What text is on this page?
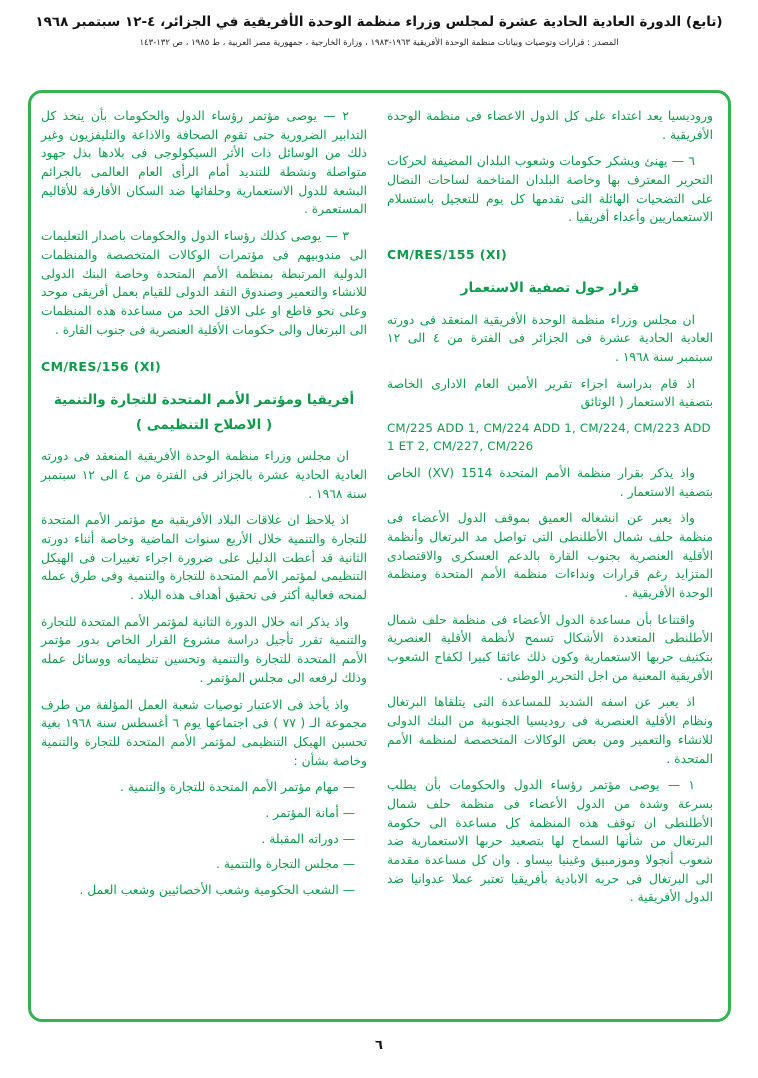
(تابع) الدورة العادية الحادية عشرة لمجلس وزراء منظمة الوحدة الأفريقية في الجزائر، ٤-١٢ سبتمبر ١٩٦٨
المصدر : قرارات وتوصيات وبيانات منظمة الوحدة الأفريقية ١٩٦٣-١٩٨٣ ، وزارة الخارجية ، جمهورية مصر العربية ، ط ١٩٨٥ ، ص ١٣٢-١٤٣
وروديسيا يعد اعتداء على كل الدول الاعضاء فى منظمة الوحدة الأفريقية .
٦ — يهنئ ويشكر حكومات وشعوب البلدان المضيفة لحركات التحرير المعترف بها وخاصة البلدان المتاخمة لساحات النضال على التضحيات الهائلة التى تقدمها كل يوم للتعجيل باستسلام الاستعماريين وأعداء أفريقيا .
CM/RES/155 (XI)
قرار حول تصفية الاستعمار
ان مجلس وزراء منظمة الوحدة الأفريقية المنعقد فى دورته العادية الحادية عشرة فى الجزائر فى الفترة من ٤ الى ١٢ سبتمبر سنة ١٩٦٨ .
اذ قام بدراسة اجزاء تقرير الأمين العام الادارى الخاصة بتصفية الاستعمار ( الوثائق
CM/225 ADD 1, CM/224 ADD 1, CM/224, CM/223 ADD 1 ET 2, CM/227, CM/226
واذ يذكر بقرار منظمة الأمم المتحدة 1514 (XV) الخاص بتصفية الاستعمار .
واذ يعبر عن انشغاله العميق بموقف الدول الأعضاء فى منظمة حلف شمال الأطلنطى التى تواصل مد البرتغال وأنظمة الأقلية العنصرية بجنوب القارة بالدعم العسكرى والاقتصادى المتزايد رغم قرارات ونداءات منظمة الأمم المتحدة ومنظمة الوحدة الأفريقية .
واقتناعا بأن مساعدة الدول الأعضاء فى منظمة حلف شمال الأطلنطى المتعددة الأشكال تسمح لأنظمة الأقلية العنصرية بتكثيف حربها الاستعمارية وكون ذلك عائقا كبيرا لكفاح الشعوب الأفريقية المعنية من اجل التحرير الوطنى .
اذ يعبر عن اسفه الشديد للمساعدة التى يتلقاها البرتغال ونظام الأقلية العنصرية فى روديسيا الجنوبية من البنك الدولى للانشاء والتعمير ومن بعض الوكالات المتخصصة لمنظمة الأمم المتحدة .
١ — يوصى مؤتمر رؤساء الدول والحكومات بأن يطلب بسرعة وشدة من الدول الأعضاء فى منظمة حلف شمال الأطلنطى ان توقف هذه المنظمة كل مساعدة الى حكومة البرتغال من شأنها السماح لها بتصعيد حربها الاستعمارية ضد شعوب أنجولا وموزمبيق وغينيا بيساو . وان كل مساعدة مقدمة الى البرتغال فى حربه الابادية بأفريقيا تعتبر عملا عدوانيا ضد الدول الأفريقية .
٢ — يوصى مؤتمر رؤساء الدول والحكومات بأن يتخذ كل التدابير الضرورية حتى تقوم الصحافة والاذاعة والتليفزيون وغير ذلك من الوسائل ذات الأثر السيكولوجى فى بلادها بذل جهود متواصلة ونشطة للتنديد أمام الرأى العام العالمى بالجرائم البشعة للدول الاستعمارية وحلفائها ضد السكان الأفارقة للأقاليم المستعمرة .
٣ — يوصى كذلك رؤساء الدول والحكومات باصدار التعليمات الى مندوبيهم فى مؤتمرات الوكالات المتخصصة والمنظمات الدولية المرتبطة بمنظمة الأمم المتحدة وخاصة البنك الدولى للانشاء والتعمير وصندوق النقد الدولى للقيام بعمل أفريقى موحد وعلى نحو قاطع او على الاقل الحد من مساعدة هذه المنظمات الى البرتغال والى حكومات الأقلية العنصرية فى جنوب القارة .
CM/RES/156 (XI)
أفريقيا ومؤتمر الأمم المتحدة للتجارة والتنمية
( الاصلاح التنظيمى )
ان مجلس وزراء منظمة الوحدة الأفريقية المنعقد فى دورته العادية الحادية عشرة بالجزائر فى الفترة من ٤ الى ١٢ سبتمبر سنة ١٩٦٨ .
اذ يلاحظ ان علاقات البلاد الأفريقية مع مؤتمر الأمم المتحدة للتجارة والتنمية خلال الأربع سنوات الماضية وخاصة أثناء دورته الثانية قد أعطت الدليل على ضرورة اجراء تغييرات فى الهيكل التنظيمى لمؤتمر الأمم المتحدة للتجارة والتنمية وفى طرق عمله لمنحه فعالية أكثر فى تحقيق أهداف هذه البلاد .
واذ يذكر انه خلال الدورة الثانية لمؤتمر الأمم المتحدة للتجارة والتنمية تقرر تأجيل دراسة مشروع القرار الخاص بدور مؤتمر الأمم المتحدة للتجارة والتنمية وتحسين تنظيماته ووسائل عمله وذلك لرفعه الى مجلس المؤتمر .
واذ يأخذ فى الاعتبار توصيات شعبة العمل المؤلفة من طرف مجموعة الـ ( ٧٧ ) فى اجتماعها يوم ٦ أغسطس سنة ١٩٦٨ بغية تحسين الهيكل التنظيمى لمؤتمر الأمم المتحدة للتجارة والتنمية وخاصة بشأن :
— مهام مؤتمر الأمم المتحدة للتجارة والتنمية .
— أمانة المؤتمر .
— دوراته المقبلة .
— مجلس التجارة والتنمية .
— الشعب الحكومية وشعب الأخصائيين وشعب العمل .
٦
